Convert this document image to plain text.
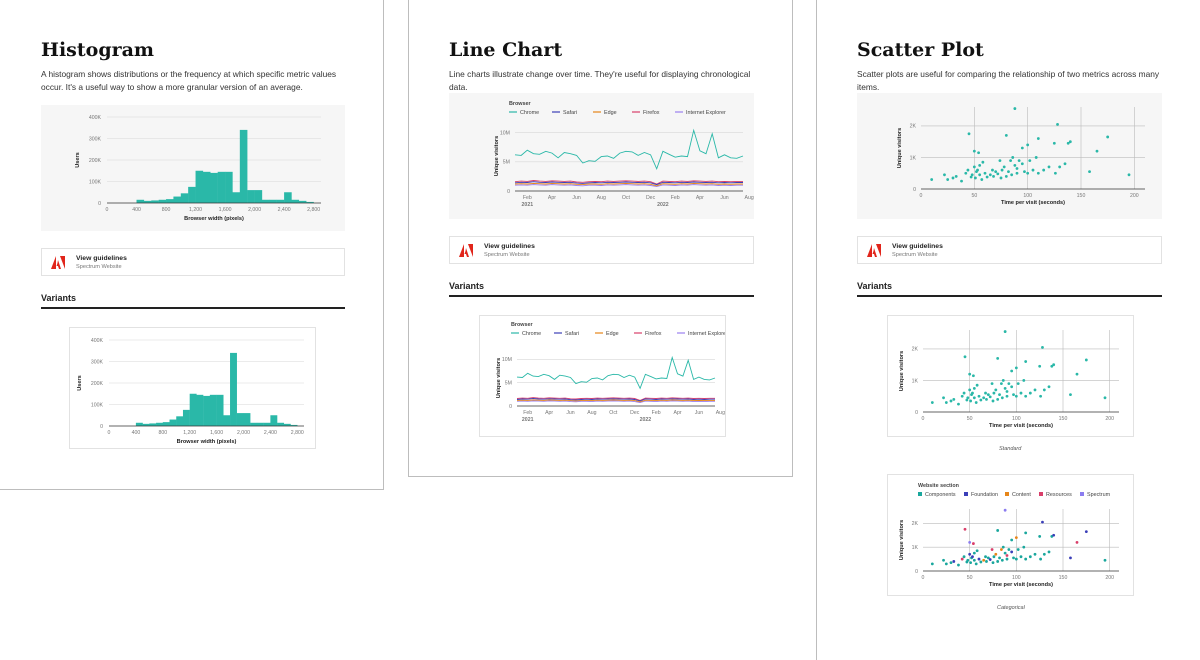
Histogram

A histogram shows distributions or the frequency at which specific metric values occur. It's a useful way to show a more granular version of an average.

0
100K
200K
300K
400K
0	400	800	1,200	1,600	2,000	2,400	2,800
Browser width (pixels)
Users
View guidelines
Spectrum Website
Variants
0
100K
200K
300K
400K
0	400	800	1,200	1,600	2,000	2,400	2,800
Browser width (pixels)
Users
Line Chart

Line charts illustrate change over time. They're useful for displaying chronological data.

Browser
Chrome	Safari	Edge	Firefox	Internet Explorer
0
5M
10M
Feb	Apr	Jun	Aug	Oct	Dec	Feb	Apr	Jun	Aug
2021	2022
Unique visitors
View guidelines
Spectrum Website
Variants
Browser
Chrome	Safari	Edge	Firefox	Internet Explorer
0
5M
10M
Feb Apr	Jun Aug Oct Dec Feb Apr	Jun Aug
2021	2022
Unique visitors
Scatter Plot

Scatter plots are useful for comparing the relationship of two metrics across many items.

0
1K
2K
0	50	100	150	200
Time per visit (seconds)
Unique visitors
View guidelines
Spectrum Website
Variants
0
1K
2K
0	50	100	150	200
Time per visit (seconds)
Unique visitors
Standard
Website section
Components	Foundation	Content	Resources	Spectrum
0
1K
2K
0	50	100	150	200
Time per visit (seconds)
Unique visitors
Categorical
